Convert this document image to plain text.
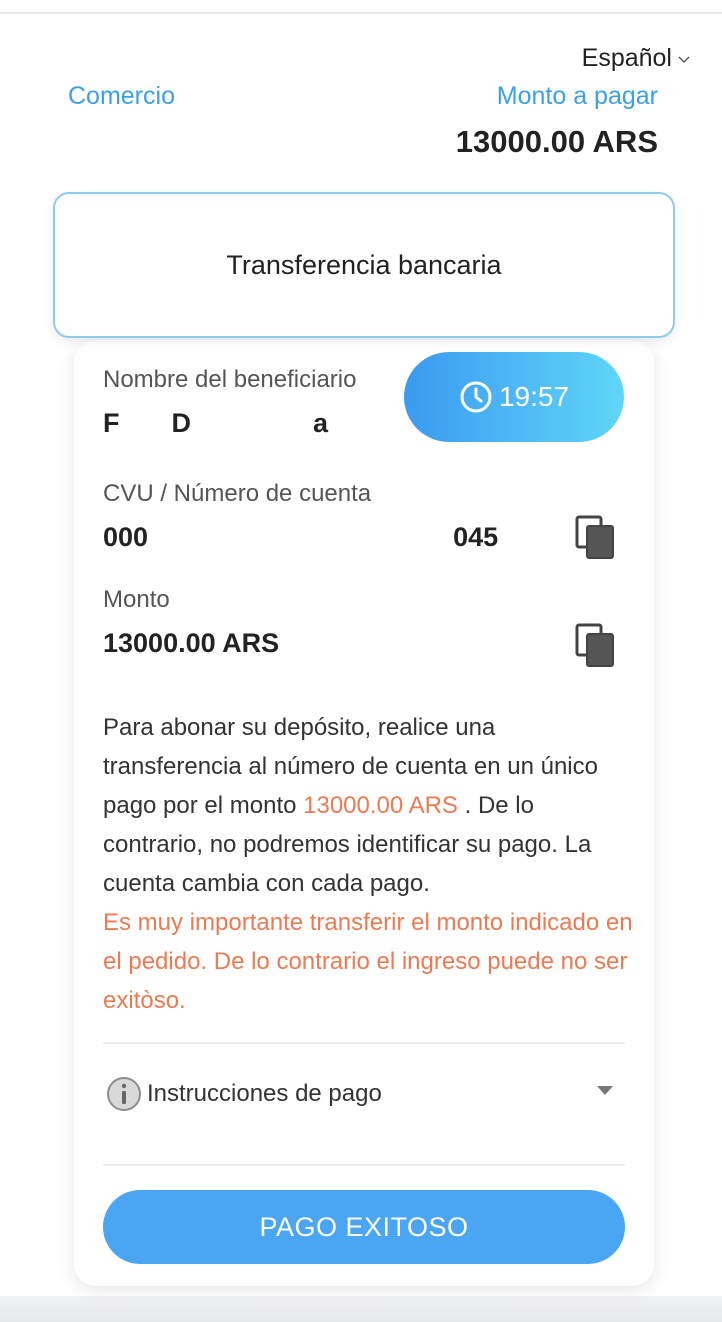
Español
Comercio	Monto a pagar
13000.00 ARS
Transferencia bancaria
Nombre del beneficiario
F D	a
19:57
CVU / Número de cuenta
000	045
Monto
13000.00 ARS
Para abonar su depósito, realice una transferencia al número de cuenta en un único pago por el monto 13000.00 ARS . De lo contrario, no podremos identificar su pago. La cuenta cambia con cada pago.
Es muy importante transferir el monto indicado en el pedido. De lo contrario el ingreso puede no ser exitòso.
Instrucciones de pago
PAGO EXITOSO
